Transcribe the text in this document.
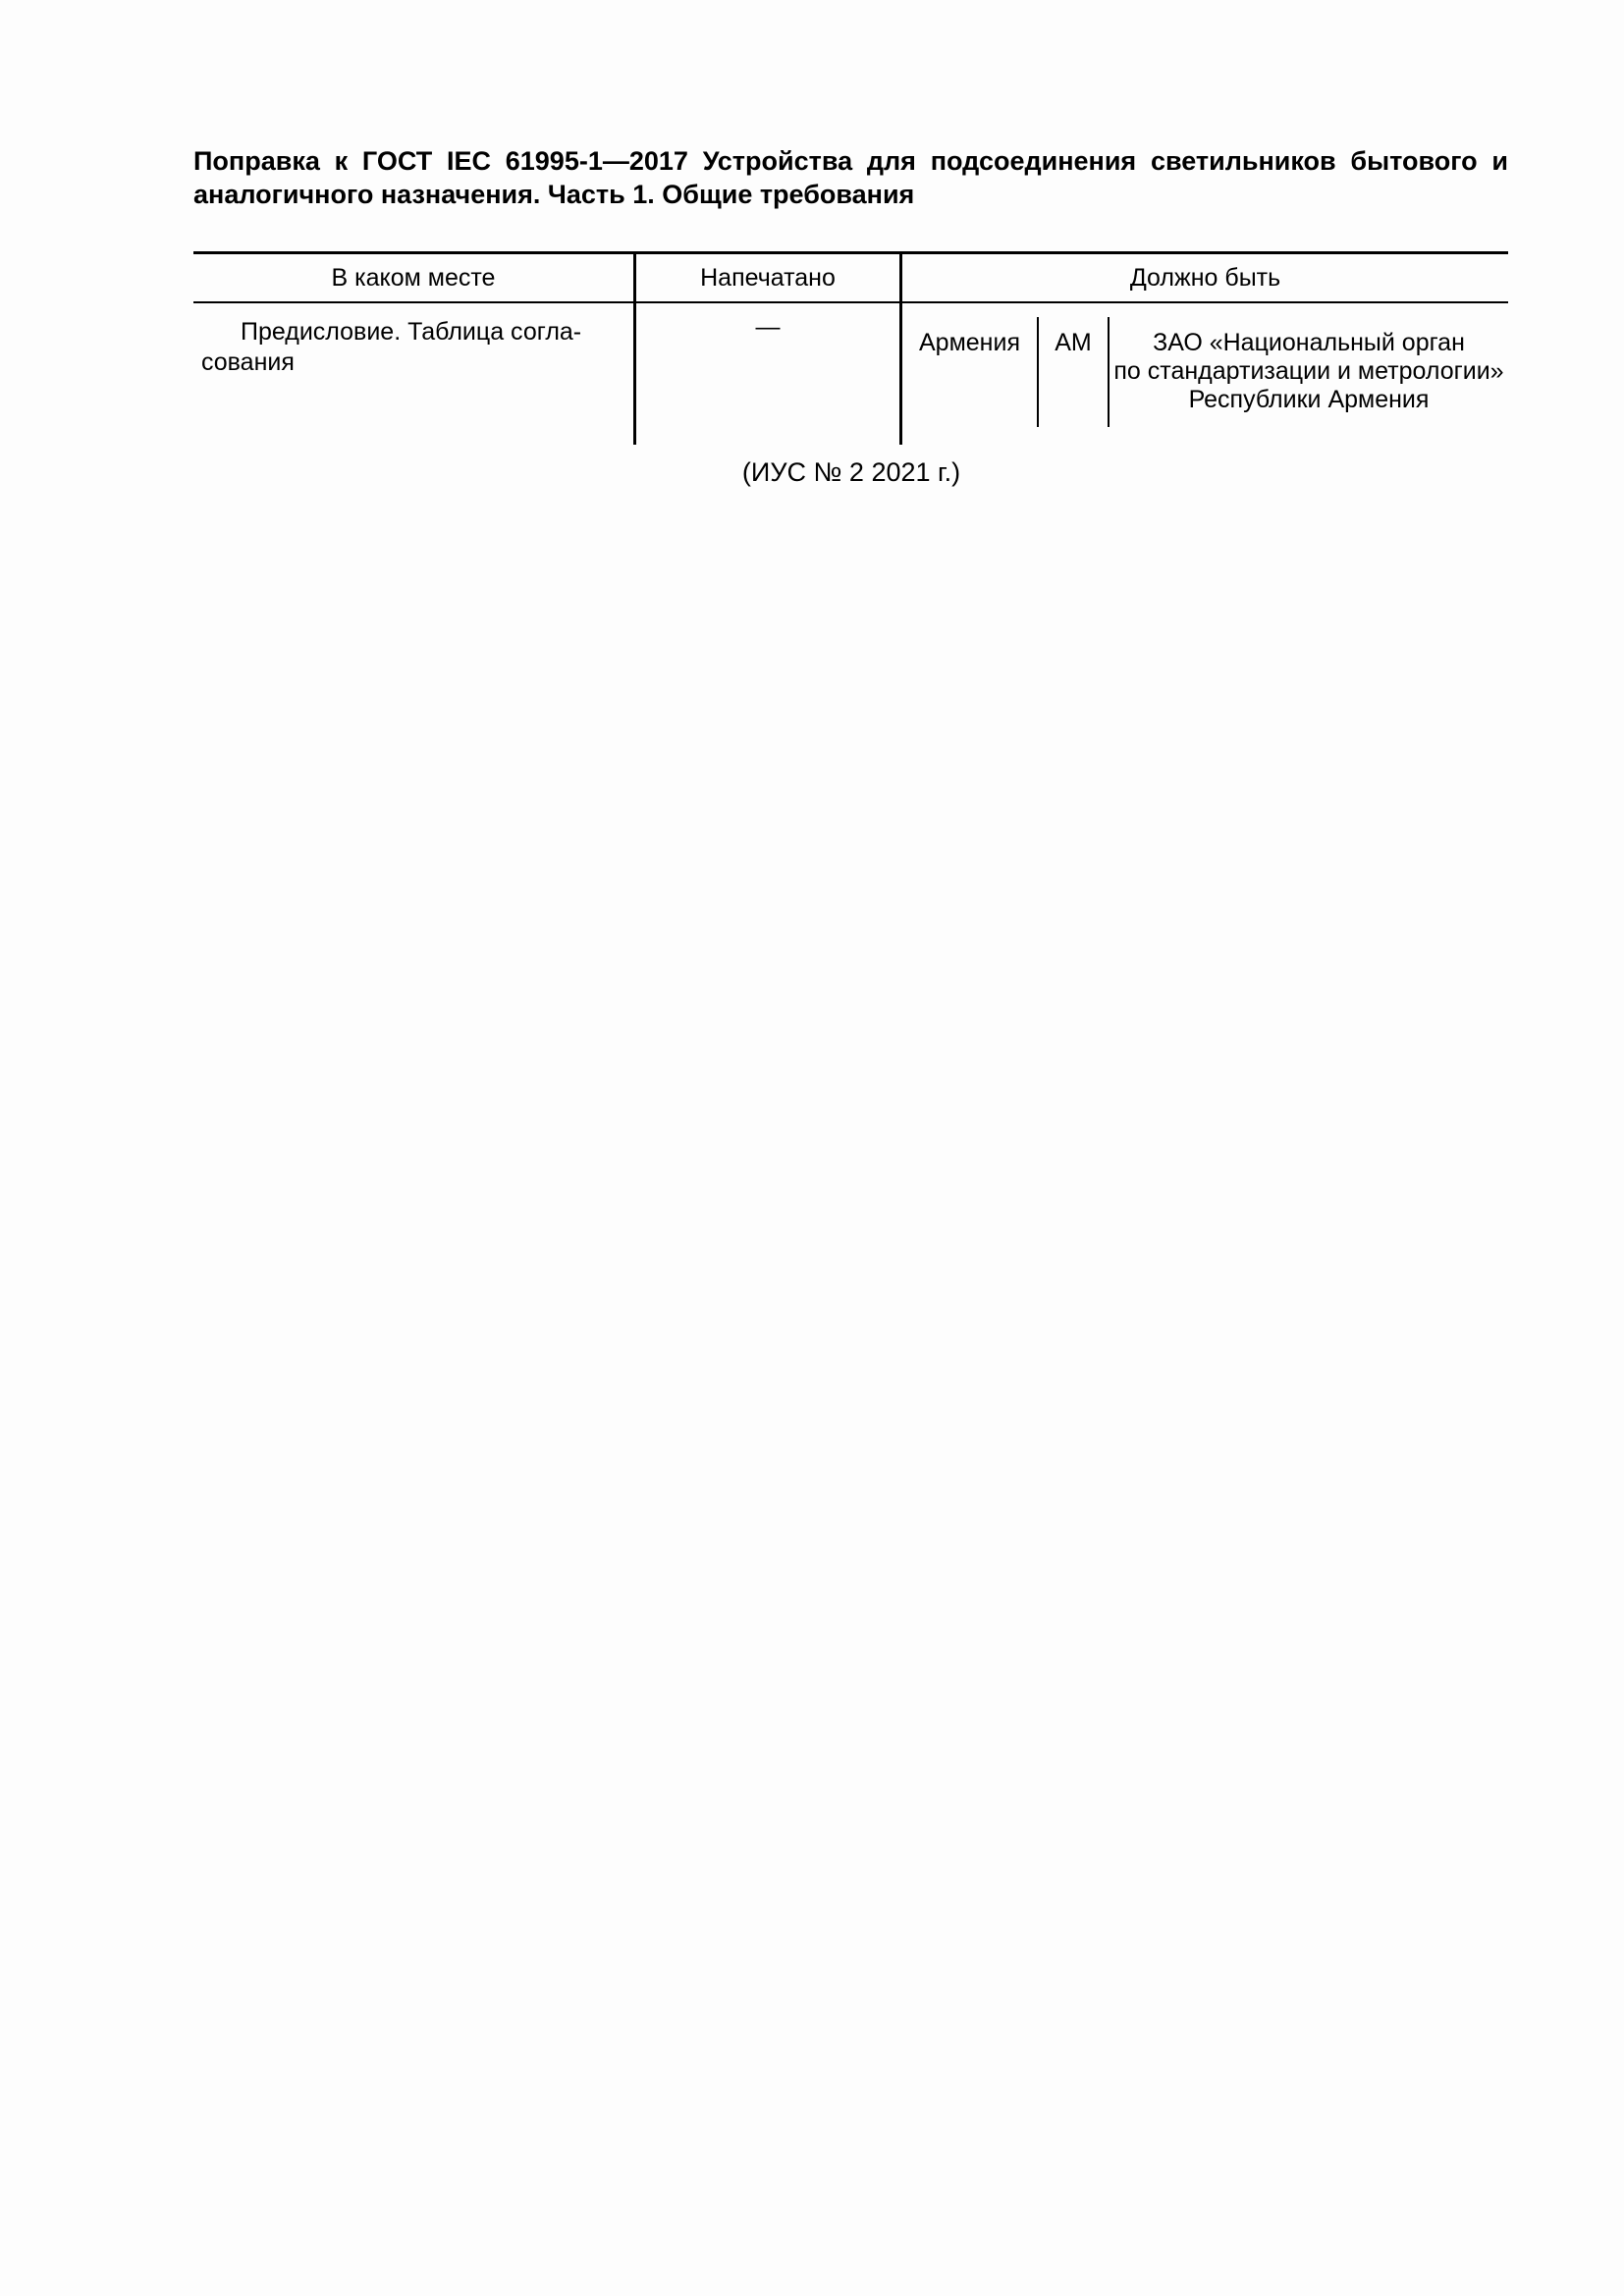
Поправка к ГОСТ IEC 61995-1—2017 Устройства для подсоединения светильников бытового и аналогичного назначения. Часть 1. Общие требования
В каком месте	Напечатано	Должно быть
Предисловие. Таблица согла-сования	—	Армения AM ЗАО «Национальный орган
по стандартизации и метрологии»
Республики Армения

(ИУС № 2 2021 г.)
